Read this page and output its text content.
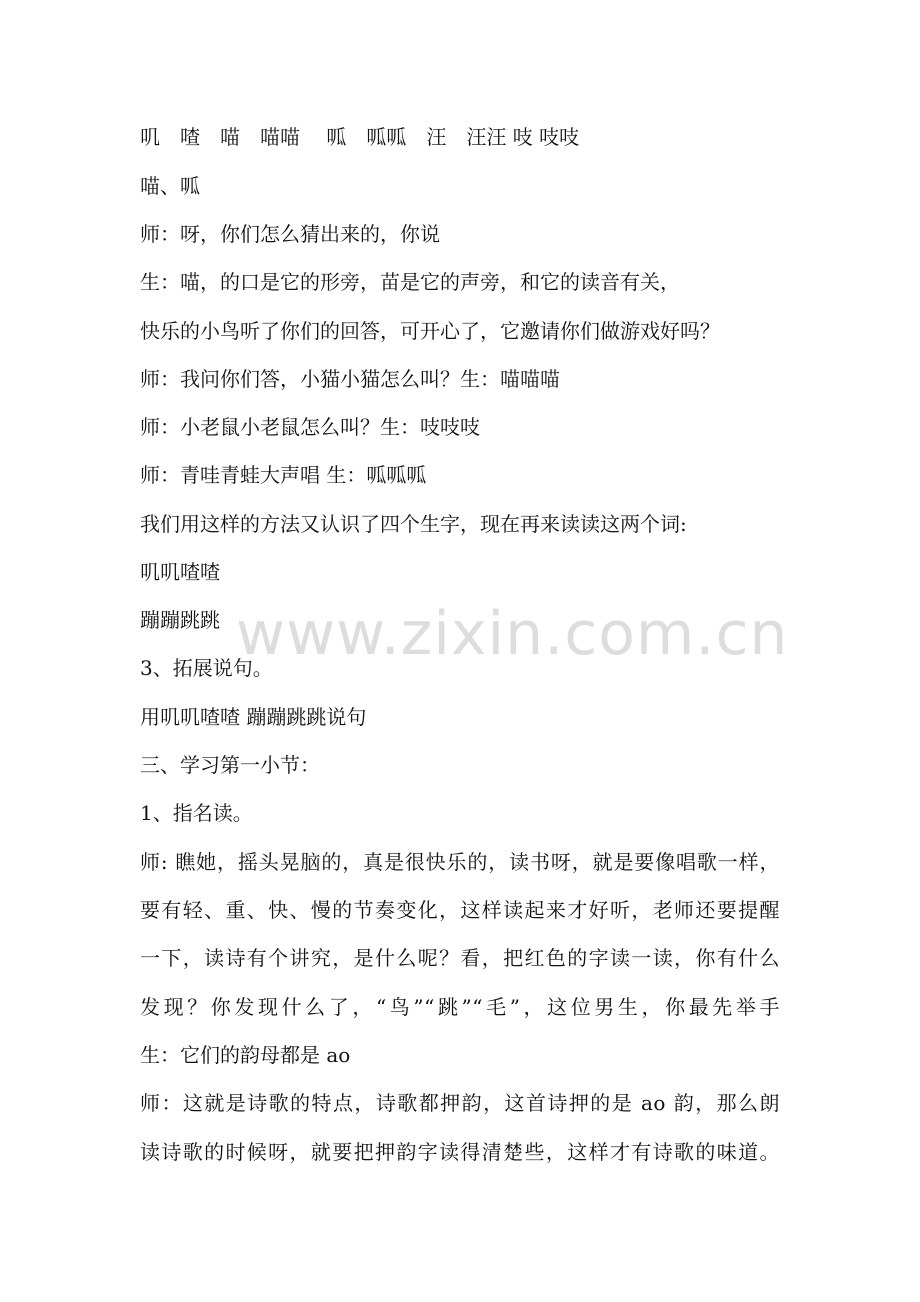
叽　喳　喵　喵喵　 呱　呱呱　汪　汪汪 吱 吱吱
喵、呱
师：呀，你们怎么猜出来的，你说
生：喵，的口是它的形旁，苗是它的声旁，和它的读音有关，
快乐的小鸟听了你们的回答，可开心了，它邀请你们做游戏好吗？
师：我问你们答，小猫小猫怎么叫？生：喵喵喵
师：小老鼠小老鼠怎么叫？生：吱吱吱
师：青哇青蛙大声唱 生：呱呱呱
我们用这样的方法又认识了四个生字，现在再来读读这两个词:
叽叽喳喳
蹦蹦跳跳
3、拓展说句。
用叽叽喳喳 蹦蹦跳跳说句
三、学习第一小节：
1、指名读。
师: 瞧她，摇头晃脑的，真是很快乐的，读书呀，就是要像唱歌一样，
要有轻、重、快、慢的节奏变化，这样读起来才好听，老师还要提醒
一下，读诗有个讲究，是什么呢？看，把红色的字读一读，你有什么
发现？你发现什么了，“鸟”“跳”“毛”，这位男生，你最先举手
生：它们的韵母都是 ao
师：这就是诗歌的特点，诗歌都押韵，这首诗押的是 ao 韵，那么朗
读诗歌的时候呀，就要把押韵字读得清楚些，这样才有诗歌的味道。
www.zixin.com.cn
